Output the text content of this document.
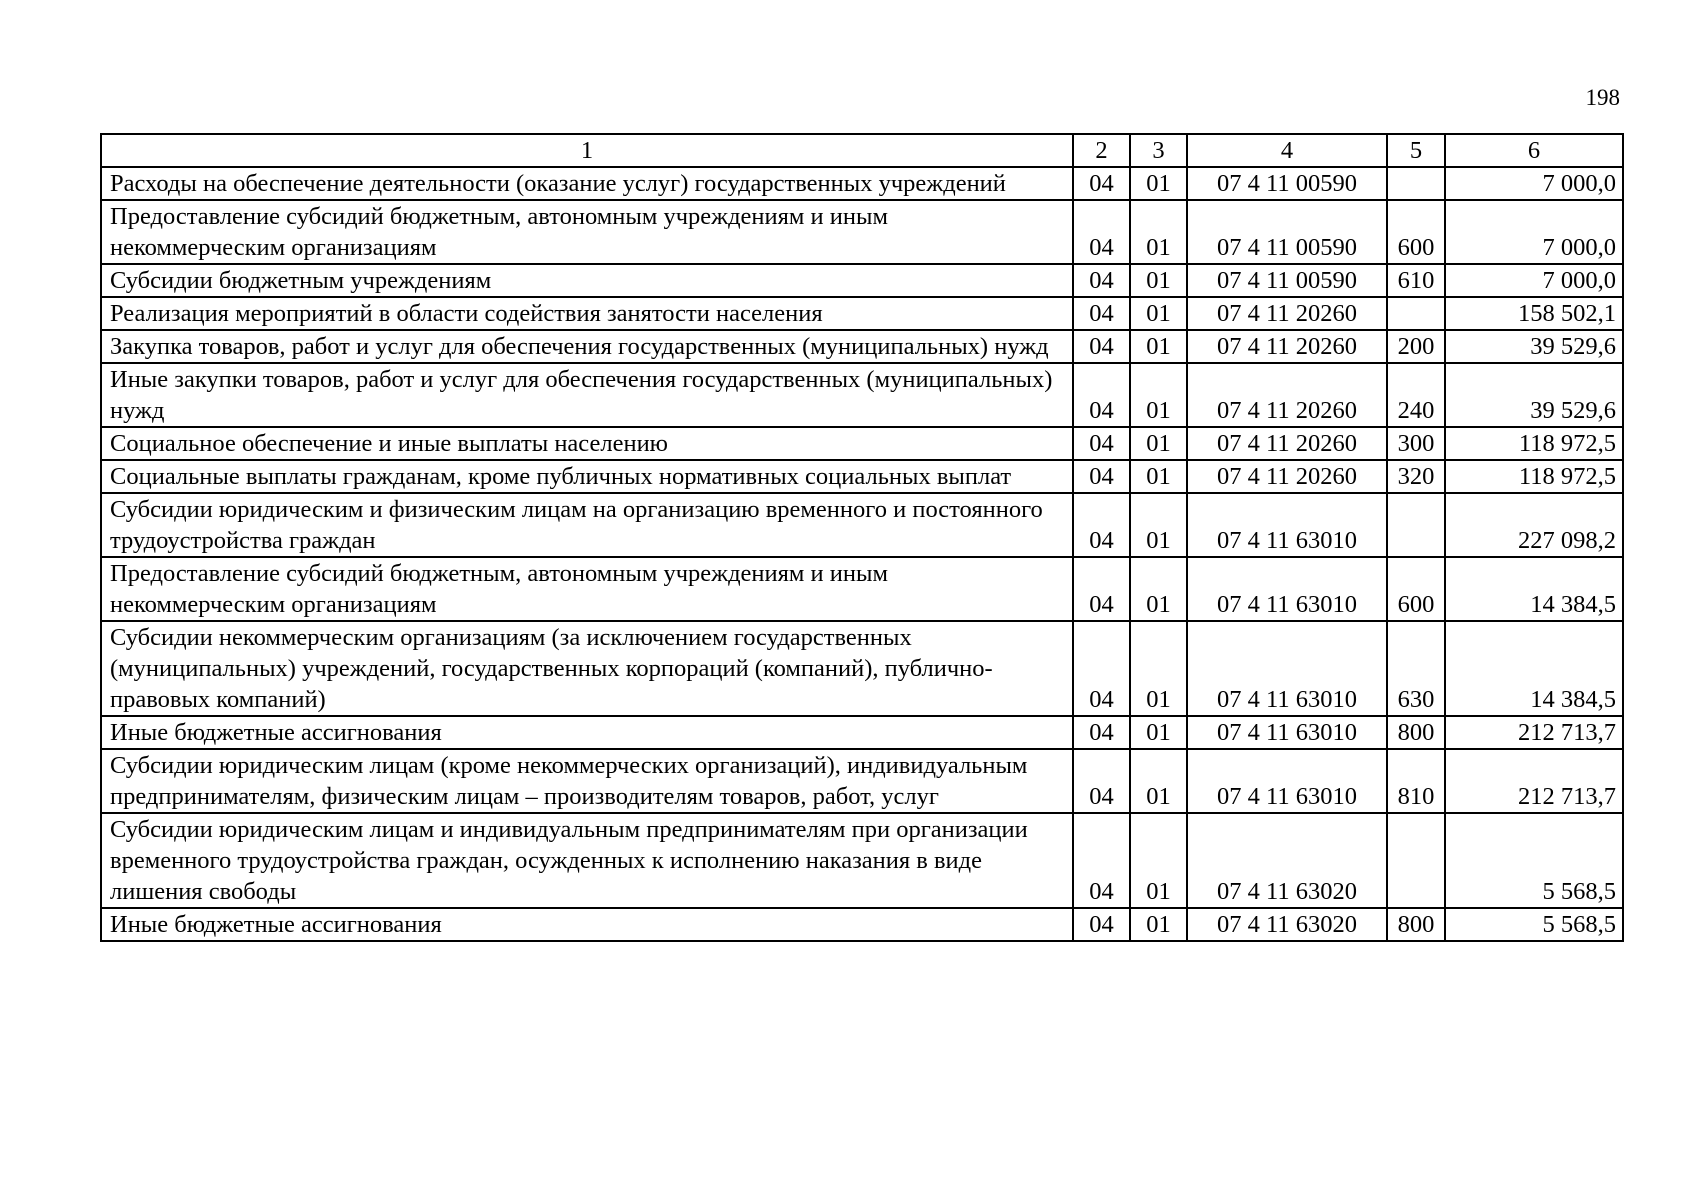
198
1	2	3	4	5	6
Расходы на обеспечение деятельности (оказание услуг) государственных учреждений	04	01	07 4 11 00590		7 000,0
Предоставление субсидий бюджетным, автономным учреждениям и иным некоммерческим организациям	04	01	07 4 11 00590	600	7 000,0
Субсидии бюджетным учреждениям	04	01	07 4 11 00590	610	7 000,0
Реализация мероприятий в области содействия занятости населения	04	01	07 4 11 20260		158 502,1
Закупка товаров, работ и услуг для обеспечения государственных (муниципальных) нужд	04	01	07 4 11 20260	200	39 529,6
Иные закупки товаров, работ и услуг для обеспечения государственных (муниципальных) нужд	04	01	07 4 11 20260	240	39 529,6
Социальное обеспечение и иные выплаты населению	04	01	07 4 11 20260	300	118 972,5
Социальные выплаты гражданам, кроме публичных нормативных социальных выплат	04	01	07 4 11 20260	320	118 972,5
Субсидии юридическим и физическим лицам на организацию временного и постоянного трудоустройства граждан	04	01	07 4 11 63010		227 098,2
Предоставление субсидий бюджетным, автономным учреждениям и иным некоммерческим организациям	04	01	07 4 11 63010	600	14 384,5
Субсидии некоммерческим организациям (за исключением государственных (муниципальных) учреждений, государственных корпораций (компаний), публично-правовых компаний)	04	01	07 4 11 63010	630	14 384,5
Иные бюджетные ассигнования	04	01	07 4 11 63010	800	212 713,7
Субсидии юридическим лицам (кроме некоммерческих организаций), индивидуальным предпринимателям, физическим лицам – производителям товаров, работ, услуг	04	01	07 4 11 63010	810	212 713,7
Субсидии юридическим лицам и индивидуальным предпринимателям при организации временного трудоустройства граждан, осужденных к исполнению наказания в виде лишения свободы	04	01	07 4 11 63020		5 568,5
Иные бюджетные ассигнования	04	01	07 4 11 63020	800	5 568,5
